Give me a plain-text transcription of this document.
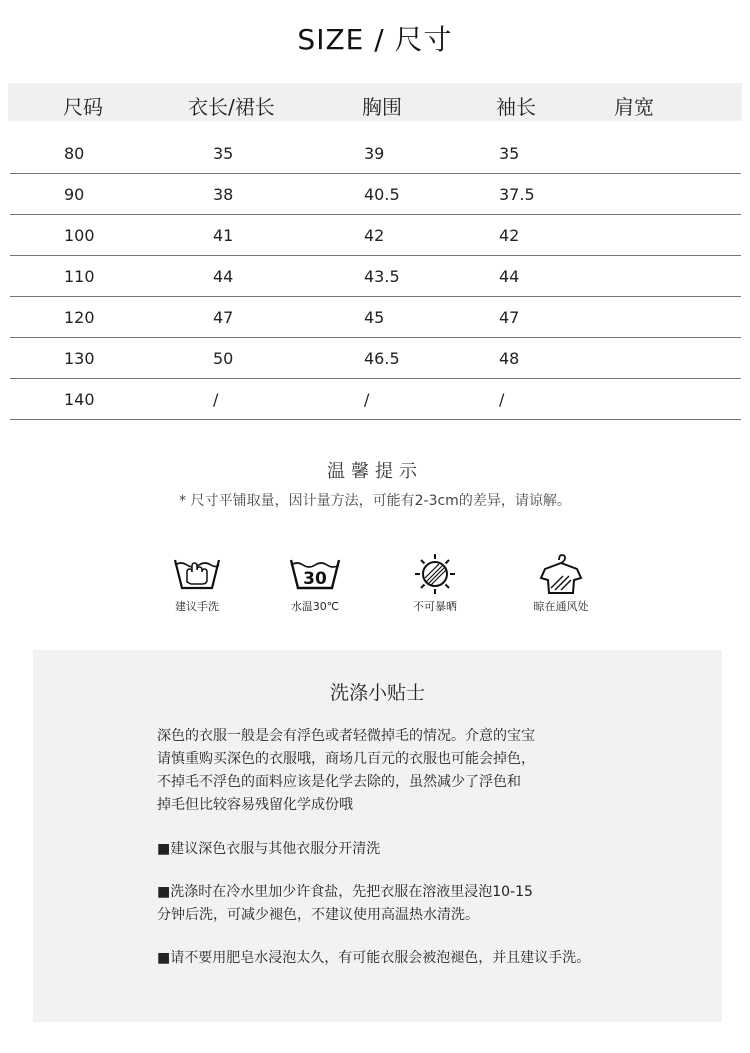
SIZE / 尺寸
尺码	衣长/裙长	胸围	袖长	肩宽
80	35	39	35
90	38	40.5	37.5
100	41	42	42
110	44	43.5	44
120	47	45	47
130	50	46.5	48
140	/	/	/
温馨提示
* 尺寸平铺取量，因计量方法，可能有2-3cm的差异，请谅解。
建议手洗
30
水温30℃	不可暴晒	晾在通风处
洗涤小贴士
深色的衣服一般是会有浮色或者轻微掉毛的情况。介意的宝宝
请慎重购买深色的衣服哦，商场几百元的衣服也可能会掉色，
不掉毛不浮色的面料应该是化学去除的，虽然减少了浮色和
掉毛但比较容易残留化学成份哦
■建议深色衣服与其他衣服分开清洗
■洗涤时在冷水里加少许食盐，先把衣服在溶液里浸泡10-15
分钟后洗，可减少褪色，不建议使用高温热水清洗。
■请不要用肥皂水浸泡太久，有可能衣服会被泡褪色，并且建议手洗。
